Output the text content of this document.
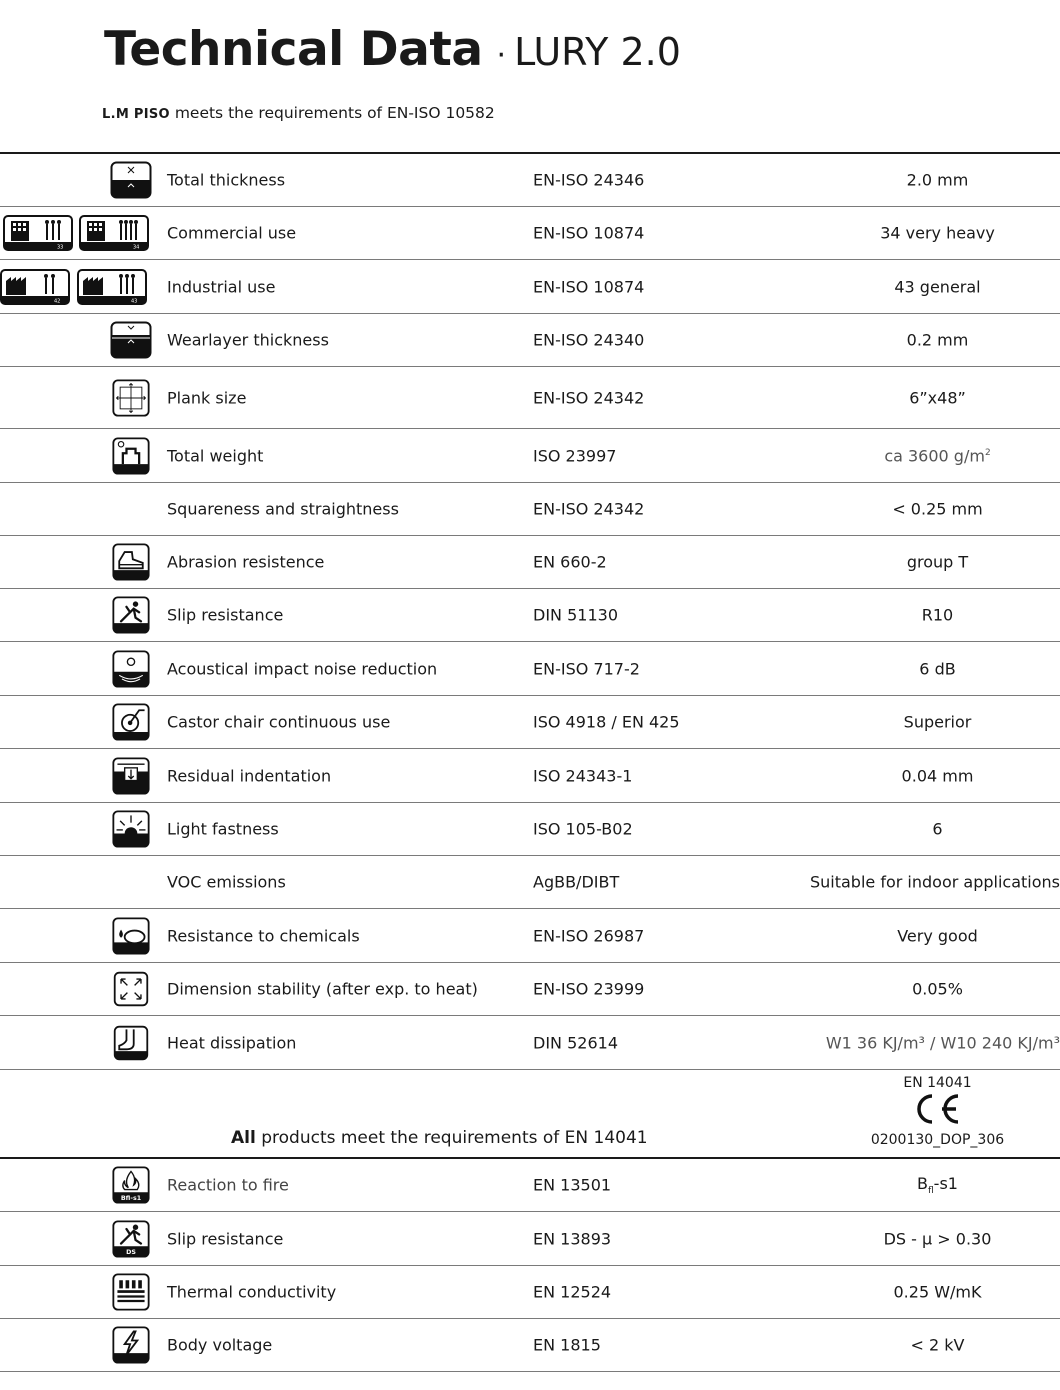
Technical Data · LURY 2.0
L.M PISO meets the requirements of EN-ISO 10582
Total thickness	EN-ISO 24346	2.0 mm
33	34
Commercial use	EN-ISO 10874	34 very heavy
42	43
Industrial use	EN-ISO 10874	43 general
Wearlayer thickness	EN-ISO 24340	0.2 mm
Plank size	EN-ISO 24342	6”x48”
Total weight	ISO 23997	ca 3600 $g/m^2$
Squareness and straightness	EN-ISO 24342	< 0.25 mm
Abrasion resistence	EN 660-2	group T
Slip resistance	DIN 51130	R10
Acoustical impact noise reduction	EN-ISO 717-2	6 dB
Castor chair continuous use	ISO 4918 / EN 425	Superior
Residual indentation	ISO 24343-1	0.04 mm
Light fastness	ISO 105-B02	6
VOC emissions	AgBB/DIBT	Suitable for indoor applications
Resistance to chemicals	EN-ISO 26987	Very good
Dimension stability (after exp. to heat)	EN-ISO 23999	0.05%
Heat dissipation	DIN 52614	W1 36 KJ/m³ / W10 240 KJ/m³
All products meet the requirements of EN 14041
EN 14041
0200130_DOP_306
Bfl-s1
Reaction to fire	EN 13501	$B_{fl}-s1$
DS
Slip resistance	EN 13893	DS - µ > 0.30
Thermal conductivity	EN 12524	0.25 W/mK
Body voltage	EN 1815	< 2 kV
